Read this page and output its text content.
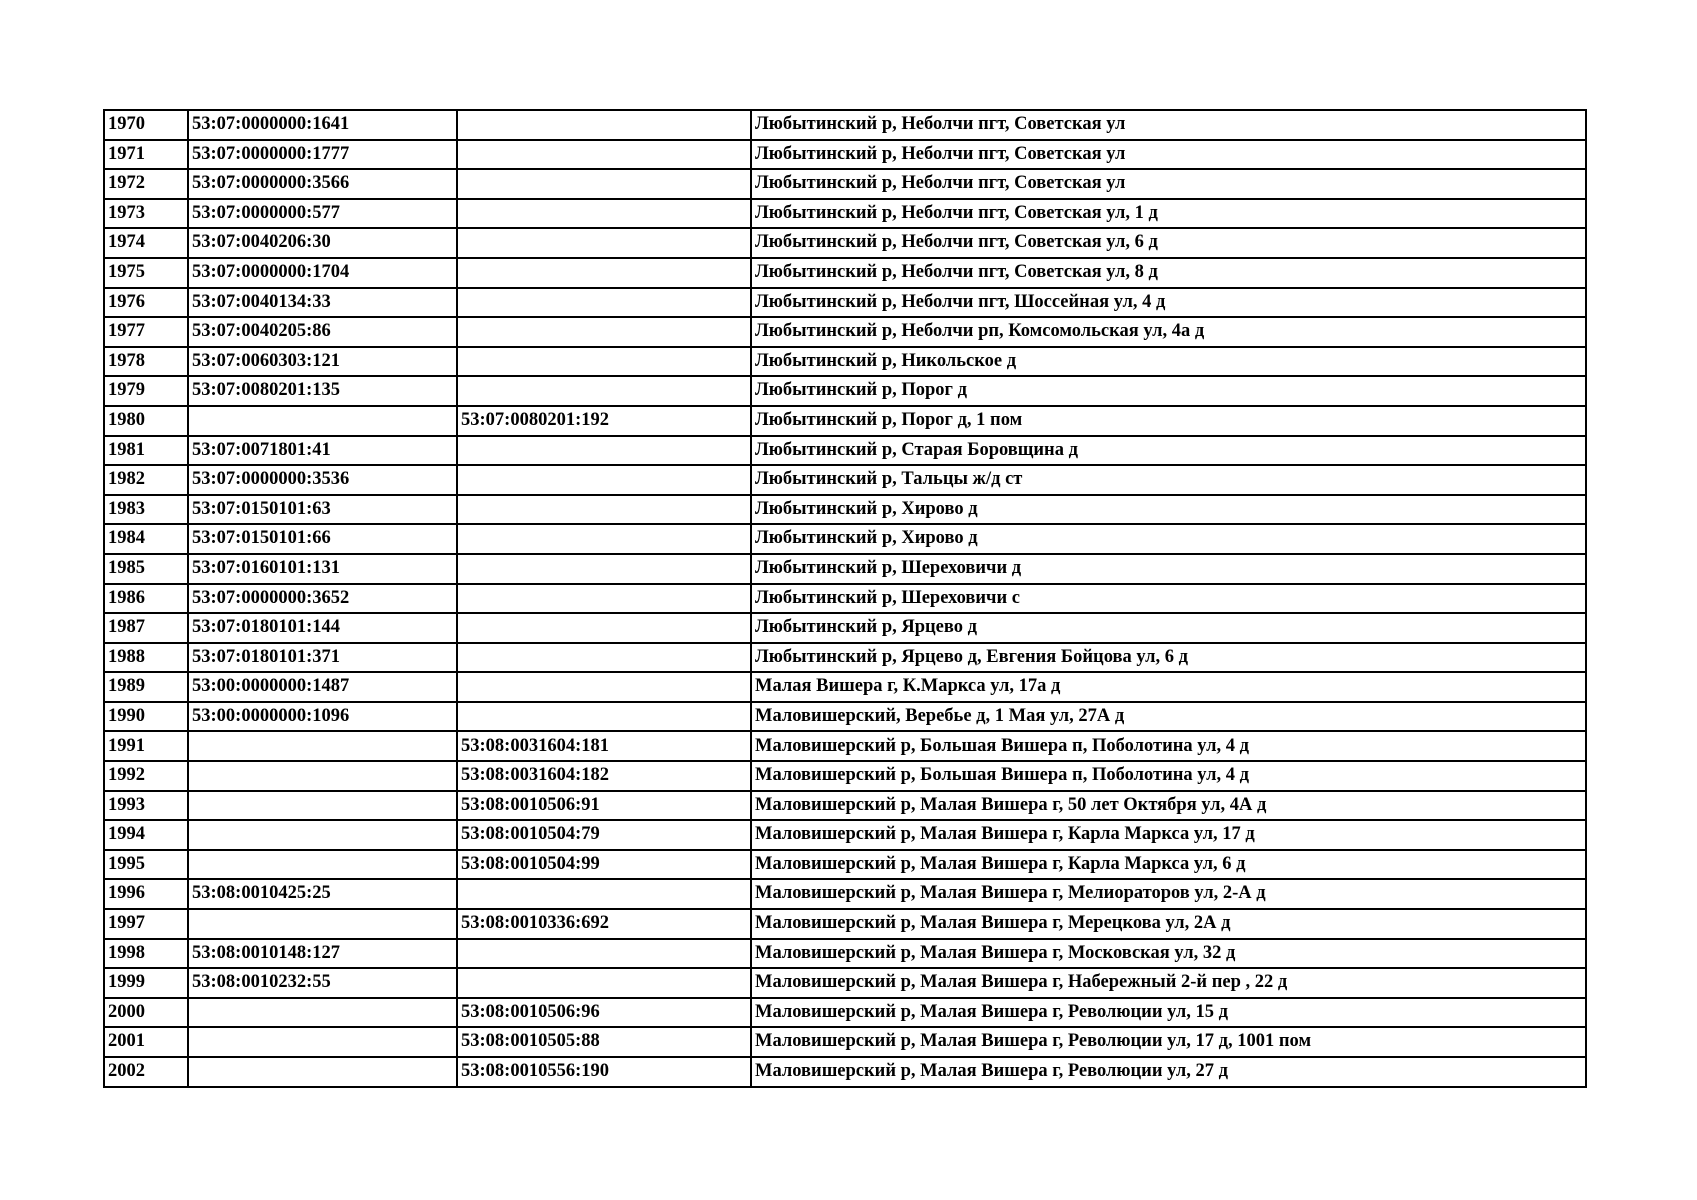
1970	53:07:0000000:1641		Любытинский р, Неболчи пгт, Советская ул
1971	53:07:0000000:1777		Любытинский р, Неболчи пгт, Советская ул
1972	53:07:0000000:3566		Любытинский р, Неболчи пгт, Советская ул
1973	53:07:0000000:577		Любытинский р, Неболчи пгт, Советская ул, 1 д
1974	53:07:0040206:30		Любытинский р, Неболчи пгт, Советская ул, 6 д
1975	53:07:0000000:1704		Любытинский р, Неболчи пгт, Советская ул, 8 д
1976	53:07:0040134:33		Любытинский р, Неболчи пгт, Шоссейная ул, 4 д
1977	53:07:0040205:86		Любытинский р, Неболчи рп, Комсомольская ул, 4а д
1978	53:07:0060303:121		Любытинский р, Никольское д
1979	53:07:0080201:135		Любытинский р, Порог д
1980		53:07:0080201:192	Любытинский р, Порог д, 1 пом
1981	53:07:0071801:41		Любытинский р, Старая Боровщина д
1982	53:07:0000000:3536		Любытинский р, Тальцы ж/д ст
1983	53:07:0150101:63		Любытинский р, Хирово д
1984	53:07:0150101:66		Любытинский р, Хирово д
1985	53:07:0160101:131		Любытинский р, Шереховичи д
1986	53:07:0000000:3652		Любытинский р, Шереховичи с
1987	53:07:0180101:144		Любытинский р, Ярцево д
1988	53:07:0180101:371		Любытинский р, Ярцево д, Евгения Бойцова ул, 6 д
1989	53:00:0000000:1487		Малая Вишера г, К.Маркса ул, 17а д
1990	53:00:0000000:1096		Маловишерский, Веребье д, 1 Мая ул, 27А д
1991		53:08:0031604:181	Маловишерский р, Большая Вишера п, Поболотина ул, 4 д
1992		53:08:0031604:182	Маловишерский р, Большая Вишера п, Поболотина ул, 4 д
1993		53:08:0010506:91	Маловишерский р, Малая Вишера г, 50 лет Октября ул, 4А д
1994		53:08:0010504:79	Маловишерский р, Малая Вишера г, Карла Маркса ул, 17 д
1995		53:08:0010504:99	Маловишерский р, Малая Вишера г, Карла Маркса ул, 6 д
1996	53:08:0010425:25		Маловишерский р, Малая Вишера г, Мелиораторов ул, 2-А д
1997		53:08:0010336:692	Маловишерский р, Малая Вишера г, Мерецкова ул, 2А д
1998	53:08:0010148:127		Маловишерский р, Малая Вишера г, Московская ул, 32 д
1999	53:08:0010232:55		Маловишерский р, Малая Вишера г, Набережный 2-й пер , 22 д
2000		53:08:0010506:96	Маловишерский р, Малая Вишера г, Революции ул, 15 д
2001		53:08:0010505:88	Маловишерский р, Малая Вишера г, Революции ул, 17 д, 1001 пом
2002		53:08:0010556:190	Маловишерский р, Малая Вишера г, Революции ул, 27 д
